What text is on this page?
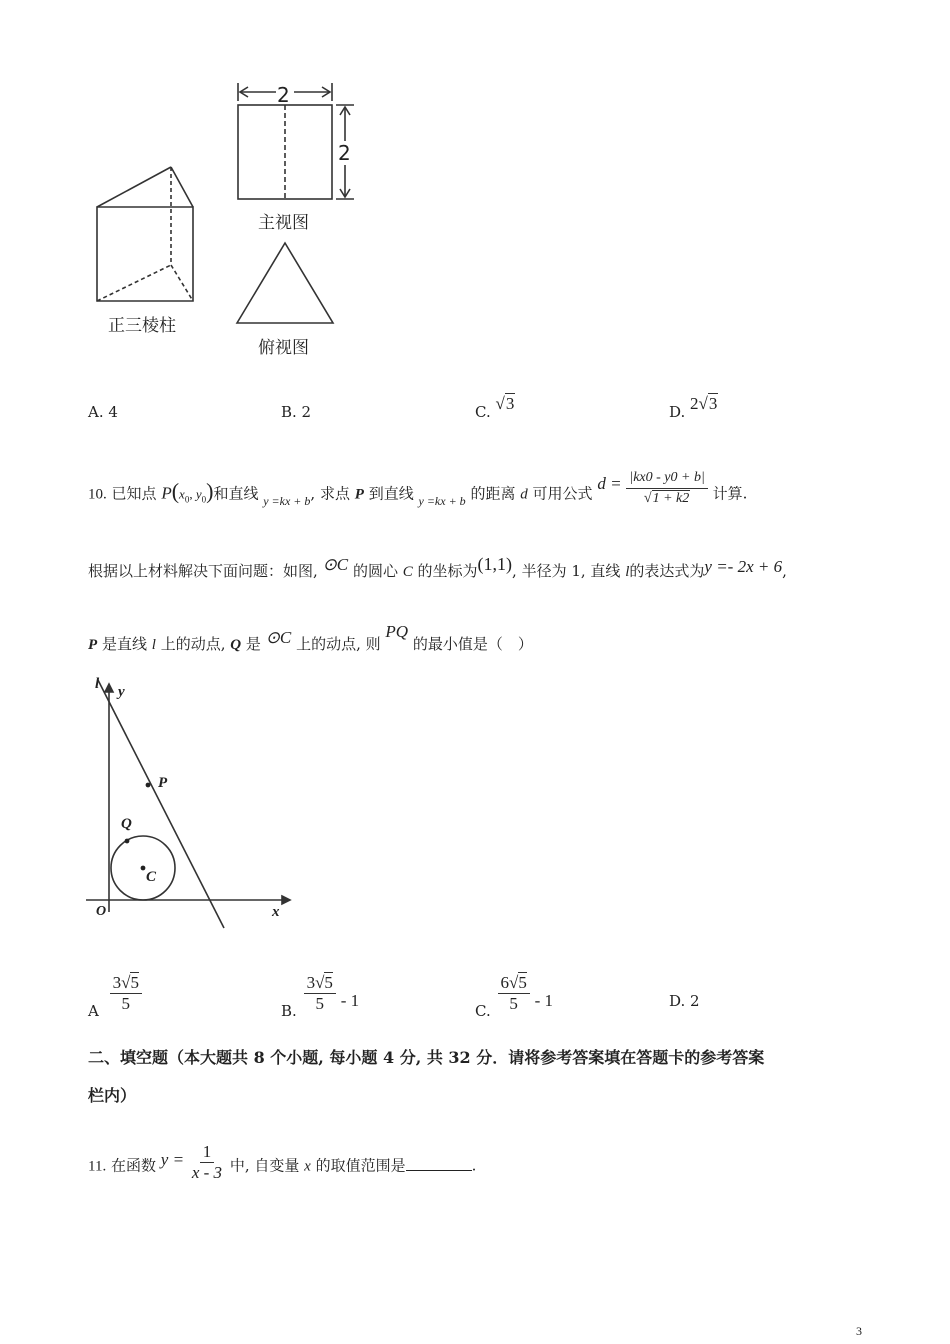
2
2
正三棱柱
主视图
俯视图
A. 4	B. 2	C. √3	D. 2√3
10. 已知点 $P(x_0$, $y_0$)和直线 $_{y =kx + b}$, 求点 P 到直线 $_{y =kx + b}$ 的距离 d 可用公式 $d = \frac{|kx0 - y0 + b|}{√1 + k2}$ 计算.
根据以上材料解决下面问题：如图, ⊙C 的圆心 C 的坐标为(1,1), 半径为 1, 直线 l的表达式为y =- 2x + 6,
P 是直线 l 上的动点, Q 是 ⊙C 上的动点, 则 PQ 的最小值是（　）
l y
x
O
P
Q
C
A $\frac{3√5}{5}$	B. $\frac{3√5}{5} - 1$
C. $\frac{6√5}{5} - 1$	D. 2
二、填空题（本大题共 8 个小题, 每小题 4 分, 共 32 分．请将参考答案填在答题卡的参考答案
栏内）
11. 在函数 $y = \frac{1}{x - 3}$ 中, 自变量 x 的取值范围是	.
3
